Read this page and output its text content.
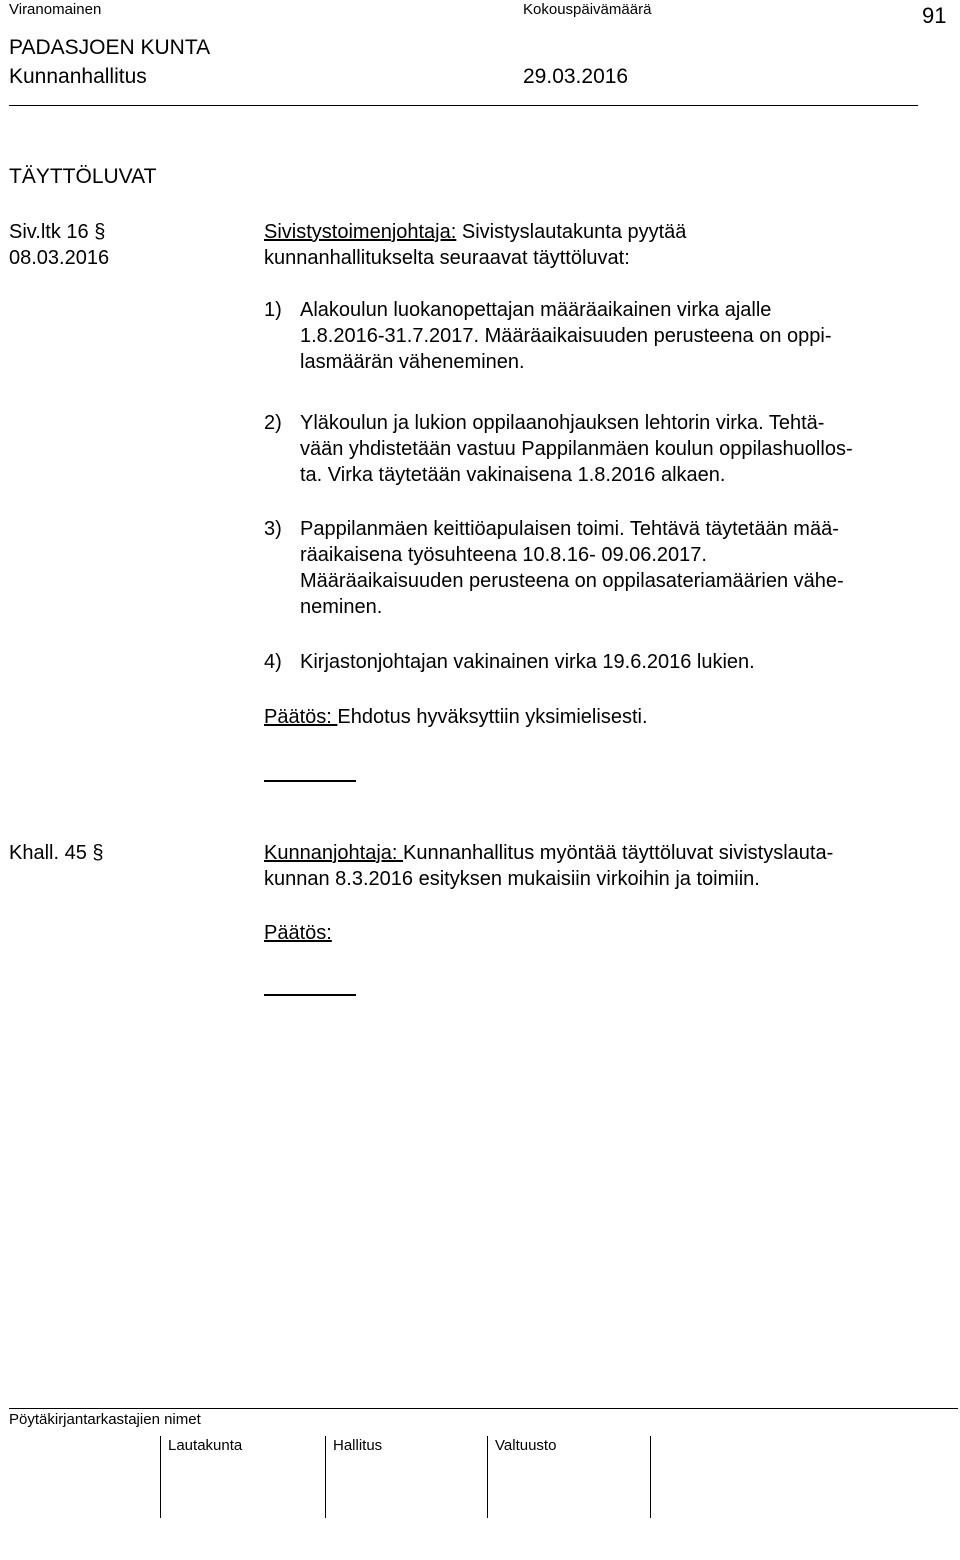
Viranomainen	Kokouspäivämäärä	91
PADASJOEN KUNTA
Kunnanhallitus	29.03.2016
TÄYTTÖLUVAT
Siv.ltk 16 §
08.03.2016
Sivistystoimenjohtaja: Sivistyslautakunta pyytää
kunnanhallitukselta seuraavat täyttöluvat:
1) Alakoulun luokanopettajan määräaikainen virka ajalle
1.8.2016-31.7.2017. Määräaikaisuuden perusteena on oppi-
lasmäärän väheneminen.
2) Yläkoulun ja lukion oppilaanohjauksen lehtorin virka. Tehtä-
vään yhdistetään vastuu Pappilanmäen koulun oppilashuollos-
ta. Virka täytetään vakinaisena 1.8.2016 alkaen.
3) Pappilanmäen keittiöapulaisen toimi. Tehtävä täytetään mää-
räaikaisena työsuhteena 10.8.16- 09.06.2017.
Määräaikaisuuden perusteena on oppilasateriamäärien vähe-
neminen.
4) Kirjastonjohtajan vakinainen virka 19.6.2016 lukien.
Päätös: Ehdotus hyväksyttiin yksimielisesti.
Khall. 45 §	Kunnanjohtaja: Kunnanhallitus myöntää täyttöluvat sivistyslauta-
kunnan 8.3.2016 esityksen mukaisiin virkoihin ja toimiin.
Päätös:
Pöytäkirjantarkastajien nimet
Lautakunta	Hallitus	Valtuusto
